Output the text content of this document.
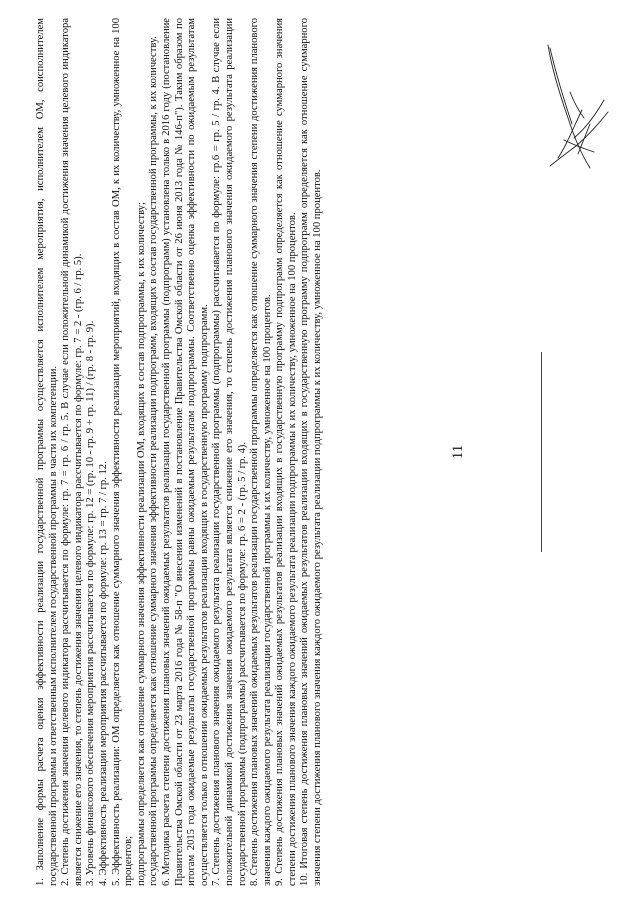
11

1. Заполнение формы расчета оценки эффективности реализации государственной программы осуществляется исполнителем мероприятия, исполнителем ОМ, соисполнителем государственной программы и ответственным исполнителем государственной программы в части их компетенции. 2. Степень достижения значения целевого индикатора рассчитывается по формуле: гр. 7 = гр. 6 / гр. 5. В случае если положительной динамикой достижения значения целевого индикатора является снижение его значения, то степень достижения значения целевого индикатора рассчитывается по формуле: гр. 7 = 2 - (гр. 6 / гр. 5). 3. Уровень финансового обеспечения мероприятия рассчитывается по формуле: гр. 12 = (гр. 10 - гр. 9 + гр. 11) / (гр. 8 - гр. 9). 4. Эффективность реализации мероприятия рассчитывается по формуле: гр. 13 = гр. 7 / гр. 12. 5. Эффективность реализации: ОМ определяется как отношение суммарного значения эффективности реализации мероприятий, входящих в состав ОМ, к их количеству, умноженное на 100 процентов; подпрограммы определяется как отношение суммарного значения эффективности реализации ОМ, входящих в состав подпрограммы, к их количеству; государственной программы определяется как отношение суммарного значения эффективности реализации подпрограмм, входящих в состав государственной программы, к их количеству. 6. Методика расчета степени достижения плановых значений ожидаемых результатов реализации государственной программы (подпрограмм) установлена только в 2016 году (постановление Правительства Омской области от 23 марта 2016 года № 58-п "О внесении изменений в постановление Правительства Омской области от 26 июня 2013 года № 146-п"). Таким образом по итогам 2015 года ожидаемые результаты государственной программы равны ожидаемым результатам подпрограммы. Соответственно оценка эффективности по ожидаемым результатам осуществляется только в отношении ожидаемых результатов реализации входящих в государственную программу подпрограмм. 7. Степень достижения планового значения ожидаемого результата реализации государственной программы (подпрограммы) рассчитывается по формуле: гр.6 = гр. 5 / гр. 4. В случае если положительной динамикой достижения значения ожидаемого результата является снижение его значения, то степень достижения планового значения ожидаемого результата реализации государственной программы (подпрограммы) рассчитывается по формуле: гр. 6 = 2 - (гр. 5 / гр. 4). 8. Степень достижения плановых значений ожидаемых результатов реализации государственной программы определяется как отношение суммарного значения степени достижения планового значения каждого ожидаемого результата реализации государственной программы к их количеству, умноженное на 100 процентов. 9. Степень достижения плановых значений ожидаемых результатов реализации входящих в государственную программу подпрограмм определяется как отношение суммарного значения степени достижения планового значения каждого ожидаемого результата реализации подпрограммы к их количеству, умноженное на 100 процентов. 10. Итоговая степень достижения плановых значений ожидаемых результатов реализации входящих в государственную программу подпрограмм определяется как отношение суммарного значения степени достижения планового значения каждого ожидаемого результата реализации подпрограммы к их количеству, умноженное на 100 процентов.
